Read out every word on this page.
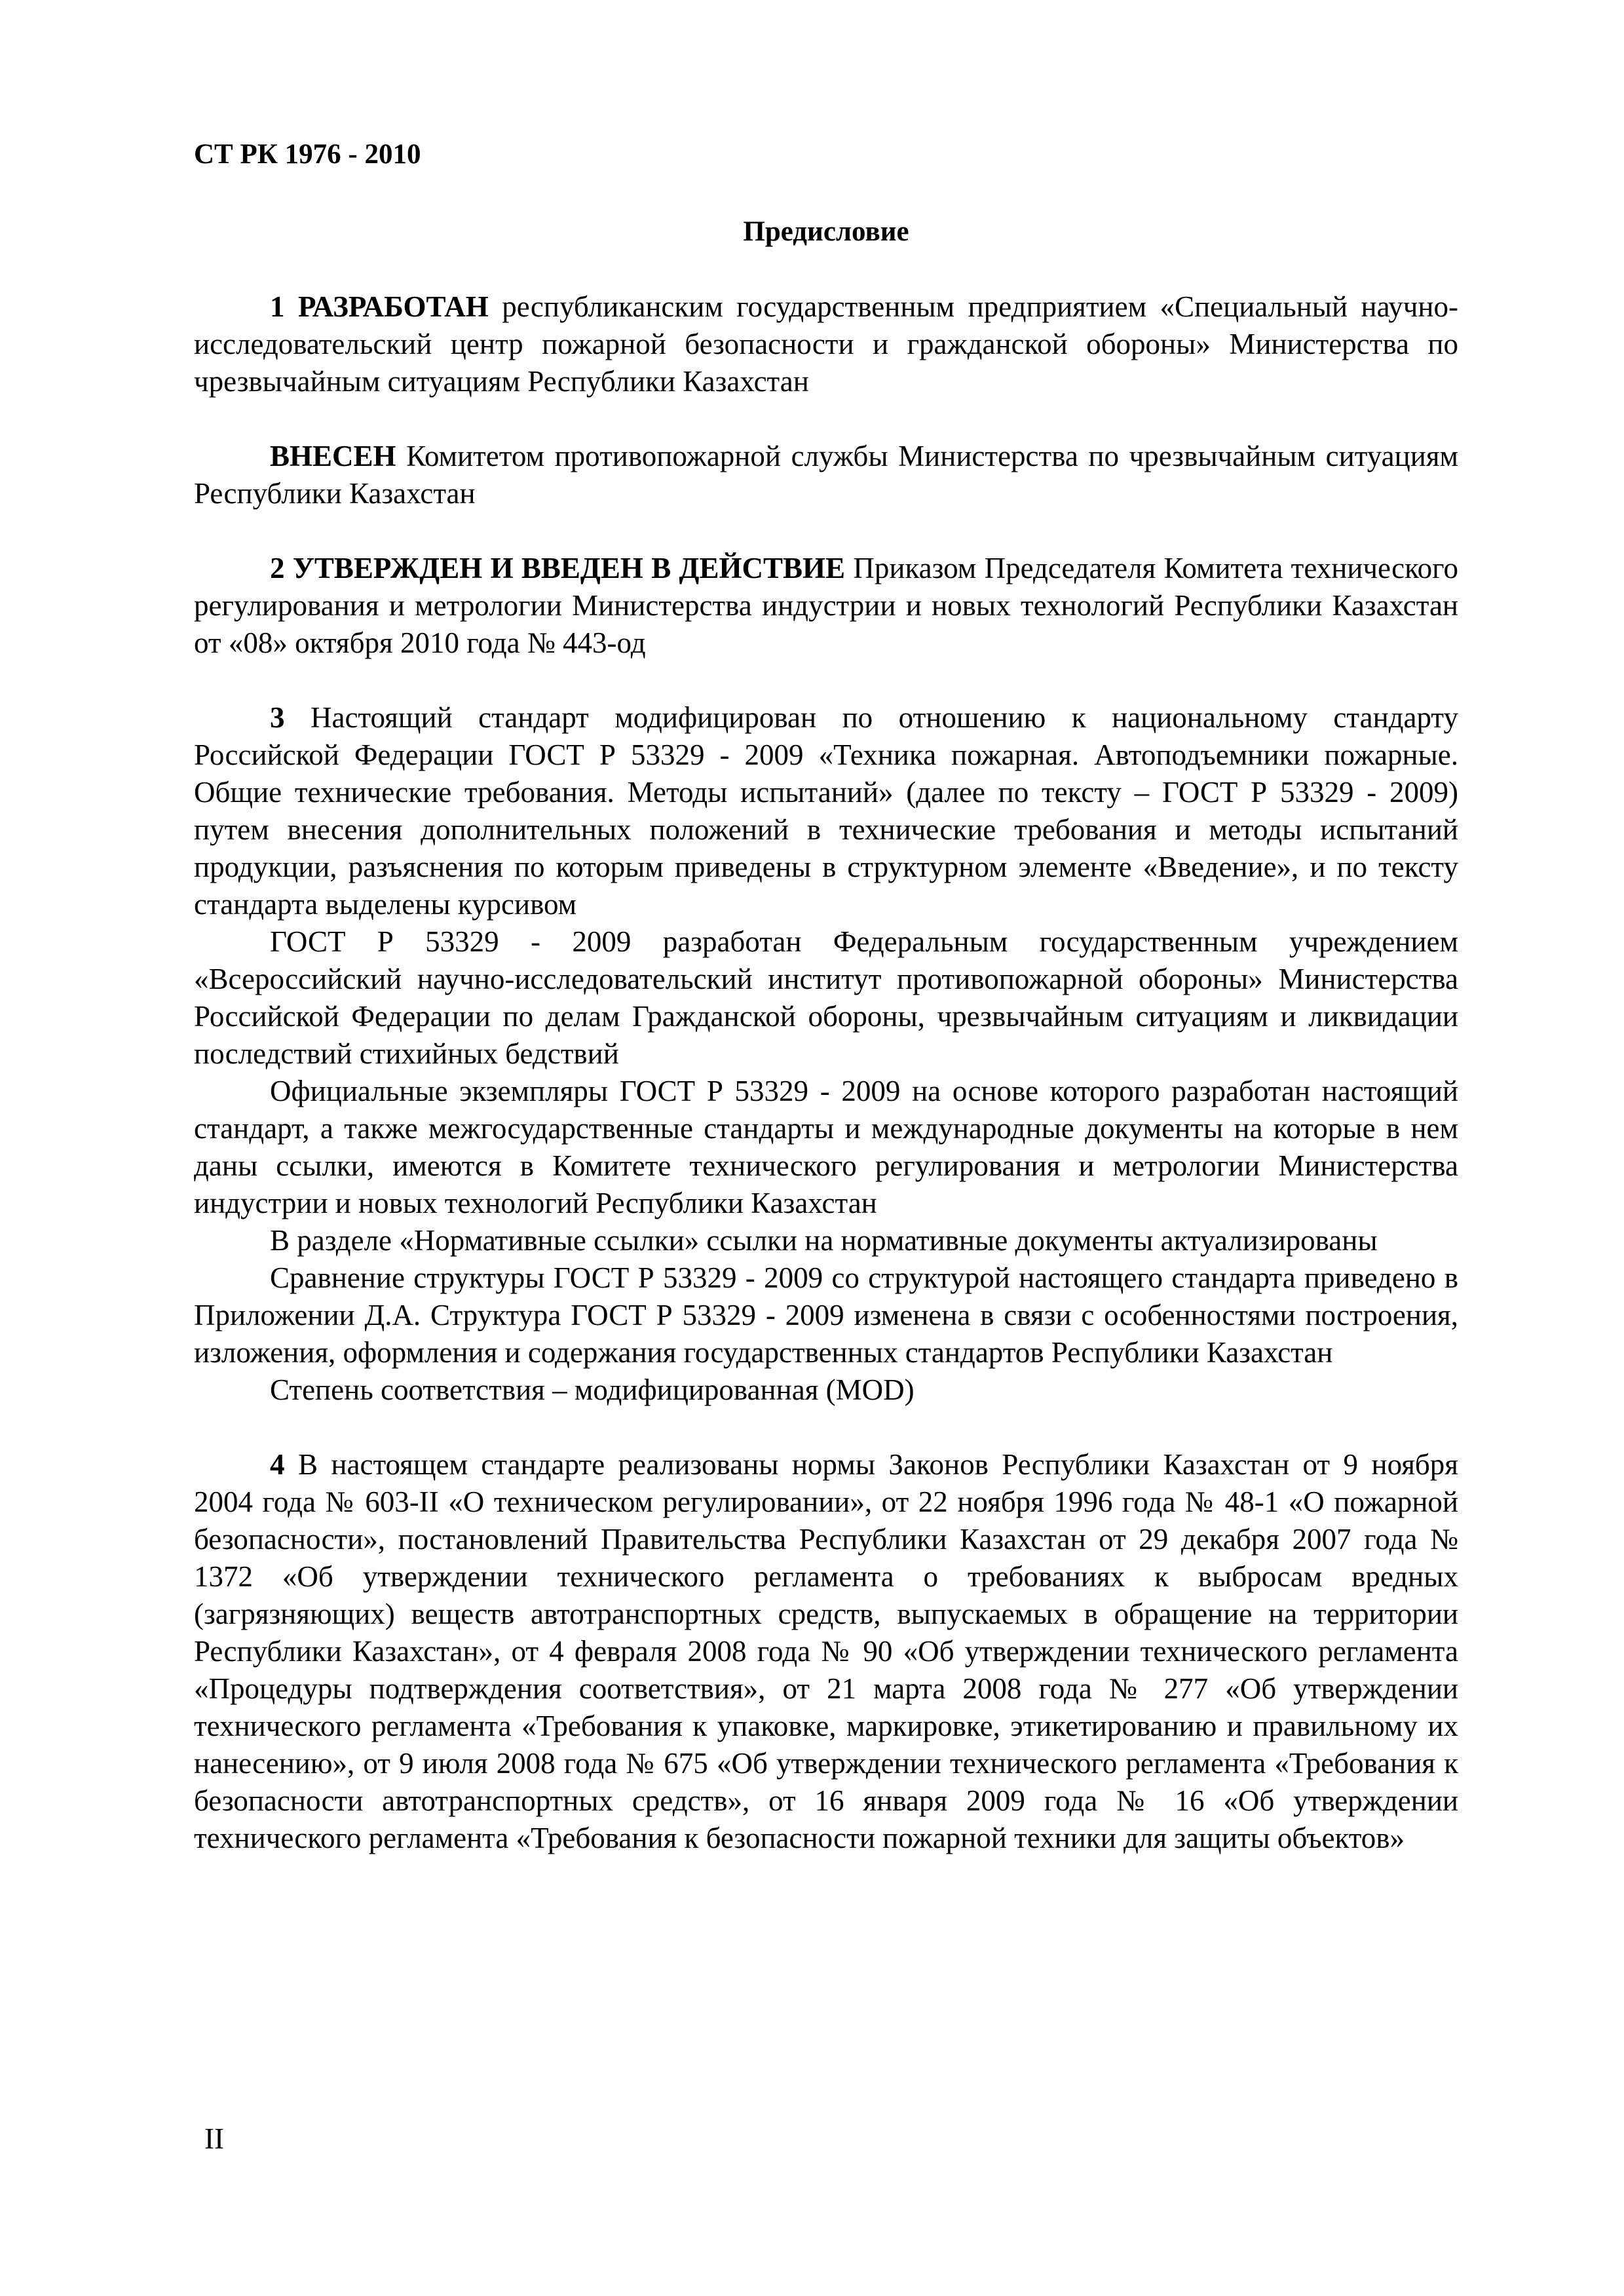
СТ РК 1976 - 2010
Предисловие

1 РАЗРАБОТАН республиканским государственным предприятием «Специальный научно-исследовательский центр пожарной безопасности и гражданской обороны» Министерства по чрезвычайным ситуациям Республики Казахстан

ВНЕСЕН Комитетом противопожарной службы Министерства по чрезвычайным ситуациям Республики Казахстан

2 УТВЕРЖДЕН И ВВЕДЕН В ДЕЙСТВИЕ Приказом Председателя Комитета технического регулирования и метрологии Министерства индустрии и новых технологий Республики Казахстан от «08» октября 2010 года № 443-од

3 Настоящий стандарт модифицирован по отношению к национальному стандарту Российской Федерации ГОСТ Р 53329 - 2009 «Техника пожарная. Автоподъемники пожарные. Общие технические требования. Методы испытаний» (далее по тексту – ГОСТ Р 53329 - 2009) путем внесения дополнительных положений в технические требования и методы испытаний продукции, разъяснения по которым приведены в структурном элементе «Введение», и по тексту стандарта выделены курсивом

ГОСТ Р 53329 - 2009 разработан Федеральным государственным учреждением «Всероссийский научно-исследовательский институт противопожарной обороны» Министерства Российской Федерации по делам Гражданской обороны, чрезвычайным ситуациям и ликвидации последствий стихийных бедствий

Официальные экземпляры ГОСТ Р 53329 - 2009 на основе которого разработан настоящий стандарт, а также межгосударственные стандарты и международные документы на которые в нем даны ссылки, имеются в Комитете технического регулирования и метрологии Министерства индустрии и новых технологий Республики Казахстан

В разделе «Нормативные ссылки» ссылки на нормативные документы актуализированы

Сравнение структуры ГОСТ Р 53329 - 2009 со структурой настоящего стандарта приведено в Приложении Д.А. Структура ГОСТ Р 53329 - 2009 изменена в связи с особенностями построения, изложения, оформления и содержания государственных стандартов Республики Казахстан

Степень соответствия – модифицированная (MOD)

4 В настоящем стандарте реализованы нормы Законов Республики Казахстан от 9 ноября 2004 года № 603-II «О техническом регулировании», от 22 ноября 1996 года № 48-1 «О пожарной безопасности», постановлений Правительства Республики Казахстан от 29 декабря 2007 года № 1372 «Об утверждении технического регламента о требованиях к выбросам вредных (загрязняющих) веществ автотранспортных средств, выпускаемых в обращение на территории Республики Казахстан», от 4 февраля 2008 года № 90 «Об утверждении технического регламента «Процедуры подтверждения соответствия», от 21 марта 2008 года № 277 «Об утверждении технического регламента «Требования к упаковке, маркировке, этикетированию и правильному их нанесению», от 9 июля 2008 года № 675 «Об утверждении технического регламента «Требования к безопасности автотранспортных средств», от 16 января 2009 года № 16 «Об утверждении технического регламента «Требования к безопасности пожарной техники для защиты объектов»

II
